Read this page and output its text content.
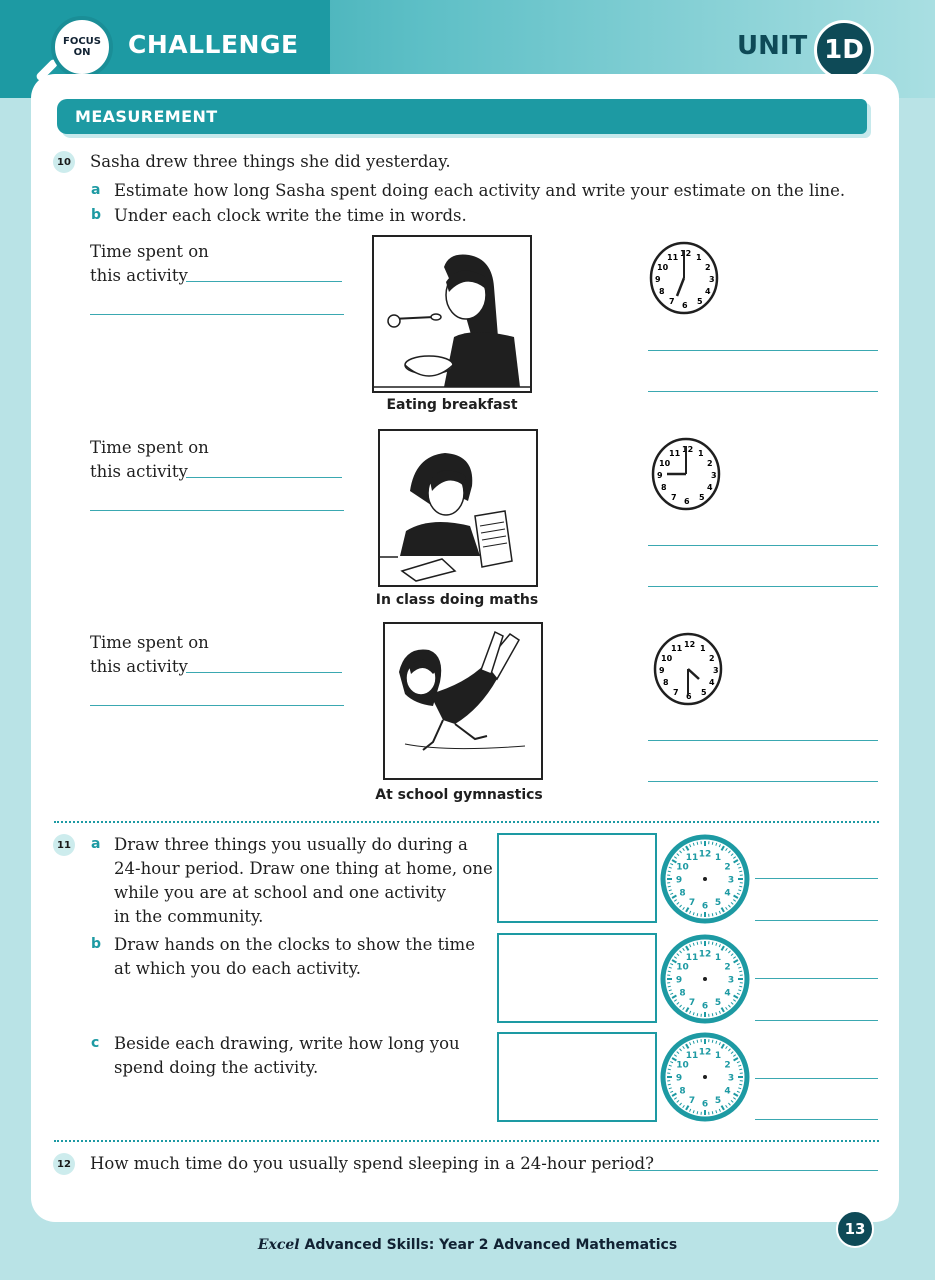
FOCUS
ON CHALLENGE	UNIT 1D
MEASUREMENT
10 Sasha drew three things she did yesterday.
a Estimate how long Sasha spent doing each activity and write your estimate on the line.
b Under each clock write the time in words.
Time spent on
this activity
Eating breakfast
12 1
2
3
4
5
6
7
8
9
10
11
Time spent on
this activity
In class doing maths
12 1
2
3
4
5
6
7
8
9
10
11
Time spent on
this activity
At school gymnastics
12 1
2
3
4
5
6
7
8
9
10
11
11 a Draw three things you usually do during a
24-hour period. Draw one thing at home, one
while you are at school and one activity
in the community.
b Draw hands on the clocks to show the time
at which you do each activity.
c Beside each drawing, write how long you
spend doing the activity.
1
2
3
4
5
6
7
8
9
10
11 12
1
2
3
4
5
6
7
8
9
10
11 12
1
2
3
4
5
6
7
8
9
10
11 12
12 How much time do you usually spend sleeping in a 24-hour period?
Excel Advanced Skills: Year 2 Advanced Mathematics
13
